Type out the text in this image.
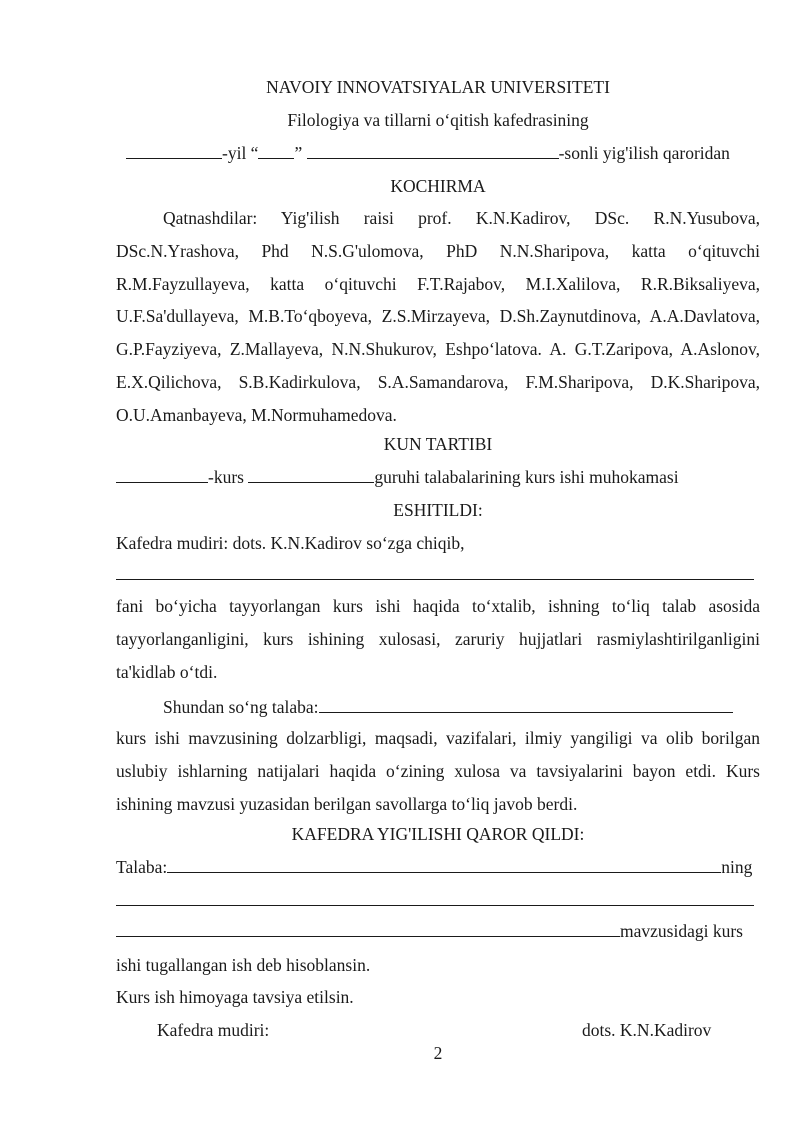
NAVOIY INNOVATSIYALAR UNIVERSITETI
Filologiya va tillarni o‘qitish kafedrasining
-yil “ ”	-sonli yig'ilish qaroridan
KOCHIRMA
Qatnashdilar: Yig'ilish raisi prof. K.N.Kadirov, DSc. R.N.Yusubova, DSc.N.Yrashova, Phd N.S.G'ulomova, PhD N.N.Sharipova, katta o‘qituvchi R.M.Fayzullayeva, katta o‘qituvchi F.T.Rajabov, M.I.Xalilova, R.R.Biksaliyeva, U.F.Sa'dullayeva, M.B.To‘qboyeva, Z.S.Mirzayeva, D.Sh.Zaynutdinova, A.A.Davlatova, G.P.Fayziyeva, Z.Mallayeva, N.N.Shukurov, Eshpo‘latova. A. G.T.Zaripova, A.Aslonov, E.X.Qilichova, S.B.Kadirkulova, S.A.Samandarova, F.M.Sharipova, D.K.Sharipova, O.U.Amanbayeva, M.Normuhamedova.
KUN TARTIBI
-kurs	guruhi talabalarining kurs ishi muhokamasi
ESHITILDI:
Kafedra mudiri: dots. K.N.Kadirov so‘zga chiqib,
fani bo‘yicha tayyorlangan kurs ishi haqida to‘xtalib, ishning to‘liq talab asosida tayyorlanganligini, kurs ishining xulosasi, zaruriy hujjatlari rasmiylashtirilganligini ta'kidlab o‘tdi.
Shundan so‘ng talaba:
kurs ishi mavzusining dolzarbligi, maqsadi, vazifalari, ilmiy yangiligi va olib borilgan uslubiy ishlarning natijalari haqida o‘zining xulosa va tavsiyalarini bayon etdi. Kurs ishining mavzusi yuzasidan berilgan savollarga to‘liq javob berdi.
KAFEDRA YIG'ILISHI QAROR QILDI:
Talaba:	ning
mavzusidagi kurs
ishi tugallangan ish deb hisoblansin.
Kurs ish himoyaga tavsiya etilsin.
Kafedra mudiri:	dots. K.N.Kadirov
2
